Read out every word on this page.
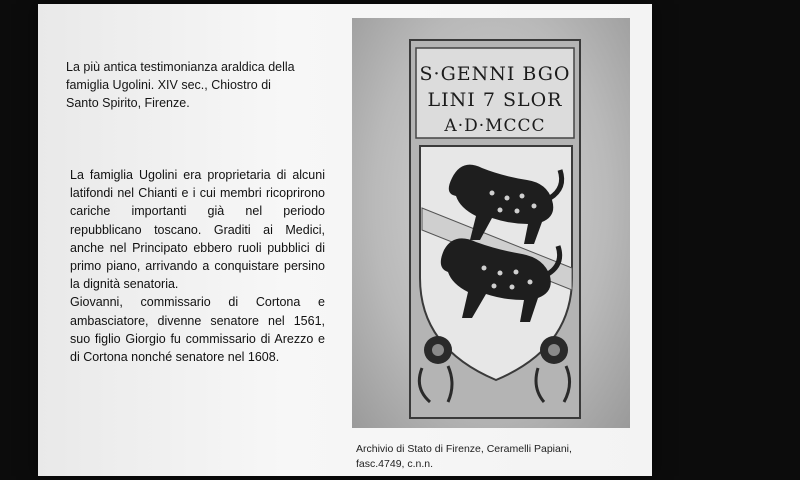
La più antica testimonianza araldica della
famiglia Ugolini. XIV sec., Chiostro di
Santo Spirito, Firenze.

La famiglia Ugolini era proprietaria di alcuni latifondi nel Chianti e i cui membri ricoprirono cariche importanti già nel periodo repubblicano toscano. Graditi ai Medici, anche nel Principato ebbero ruoli pubblici di primo piano, arrivando a conquistare persino la dignità senatoria.

Giovanni, commissario di Cortona e ambasciatore, divenne senatore nel 1561, suo figlio Giorgio fu commissario di Arezzo e di Cortona nonché senatore nel 1608.

S·GENNI BGO
LINI 7 SLOR
A·D·MCCC
Archivio di Stato di Firenze, Ceramelli Papiani,
fasc.4749, c.n.n.
